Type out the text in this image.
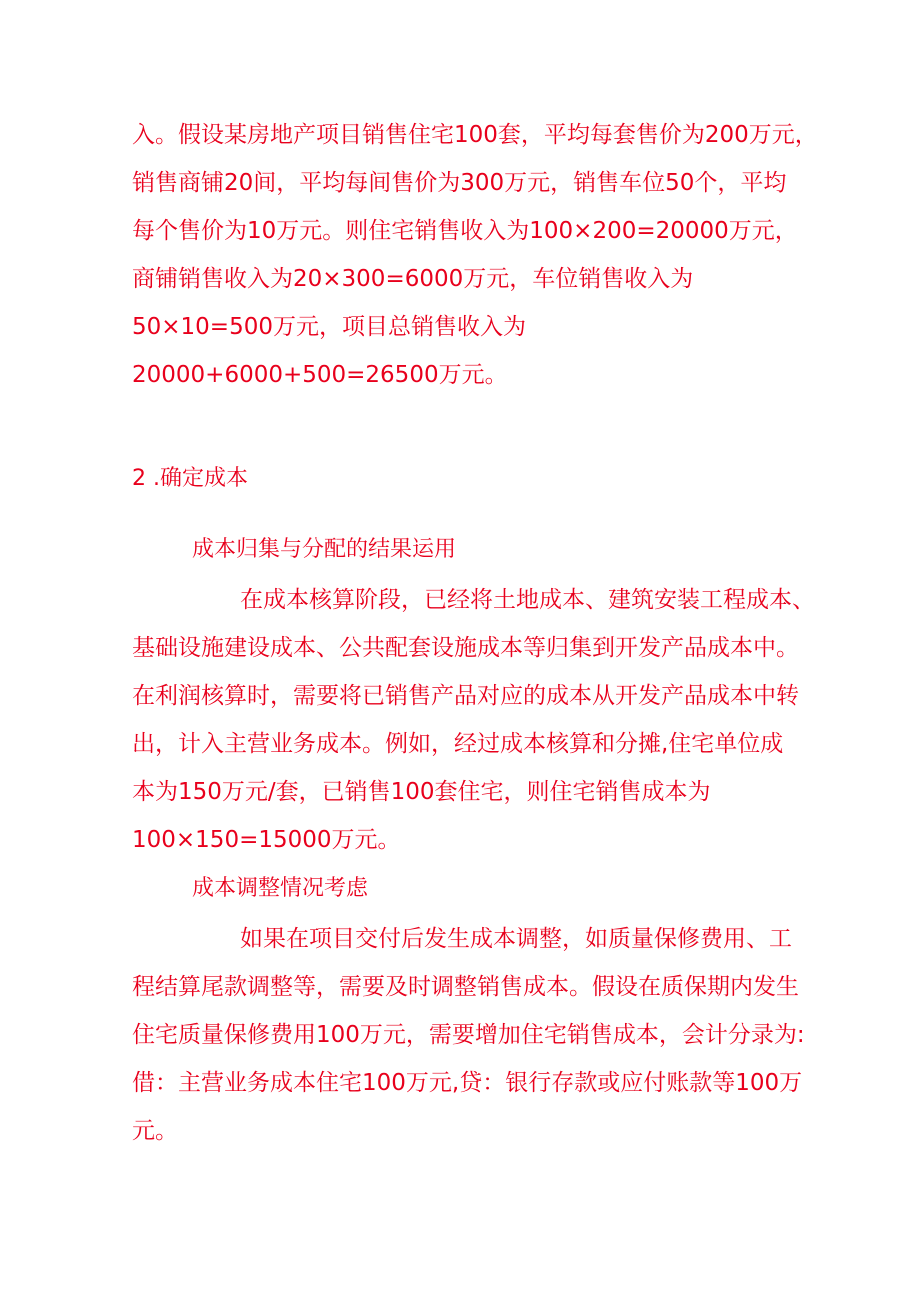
入。假设某房地产项目销售住宅100套，平均每套售价为200万元，
销售商铺20间，平均每间售价为300万元，销售车位50个，平均
每个售价为10万元。则住宅销售收入为100×200=20000万元，
商铺销售收入为20×300=6000万元，车位销售收入为
50×10=500万元，项目总销售收入为
20000+6000+500=26500万元。
2 .确定成本
成本归集与分配的结果运用
在成本核算阶段，已经将土地成本、建筑安装工程成本、
基础设施建设成本、公共配套设施成本等归集到开发产品成本中。
在利润核算时，需要将已销售产品对应的成本从开发产品成本中转
出，计入主营业务成本。例如，经过成本核算和分摊,住宅单位成
本为150万元/套，已销售100套住宅，则住宅销售成本为
100×150=15000万元。
成本调整情况考虑
如果在项目交付后发生成本调整，如质量保修费用、工
程结算尾款调整等，需要及时调整销售成本。假设在质保期内发生
住宅质量保修费用100万元，需要增加住宅销售成本，会计分录为:
借：主营业务成本住宅100万元,贷：银行存款或应付账款等100万
元。
